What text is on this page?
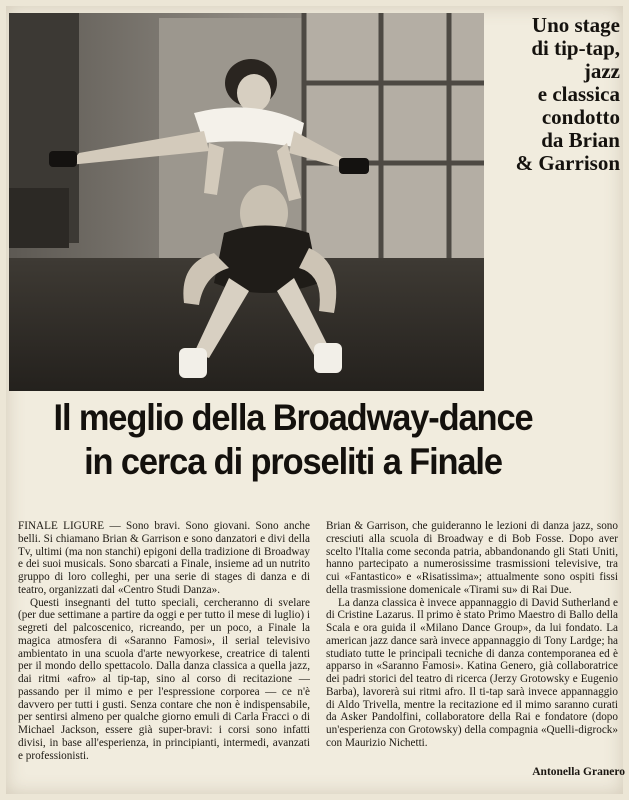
Uno stage
di tip-tap,
jazz
e classica
condotto
da Brian
& Garrison
Il meglio della Broadway-dance
in cerca di proseliti a Finale

FINALE LIGURE — Sono bravi. Sono giovani. Sono anche belli. Si chiamano Brian & Garrison e sono danzatori e divi della Tv, ultimi (ma non stanchi) epigoni della tradizione di Broadway e dei suoi musicals. Sono sbarcati a Finale, insieme ad un nutrito gruppo di loro colleghi, per una serie di stages di danza e di teatro, organizzati dal «Centro Studi Danza».

Questi insegnanti del tutto speciali, cercheranno di svelare (per due settimane a partire da oggi e per tutto il mese di luglio) i segreti del palcoscenico, ricreando, per un poco, a Finale la magica atmosfera di «Saranno Famosi», il serial televisivo ambientato in una scuola d'arte newyorkese, creatrice di talenti per il mondo dello spettacolo. Dalla danza classica a quella jazz, dai ritmi «afro» al tip-tap, sino al corso di recitazione — passando per il mimo e per l'espressione corporea — ce n'è davvero per tutti i gusti. Senza contare che non è indispensabile, per sentirsi almeno per qualche giorno emuli di Carla Fracci o di Michael Jackson, essere già super-bravi: i corsi sono infatti divisi, in base all'esperienza, in principianti, intermedi, avanzati e professionisti.

Brian & Garrison, che guideranno le lezioni di danza jazz, sono cresciuti alla scuola di Broadway e di Bob Fosse. Dopo aver scelto l'Italia come seconda patria, abbandonando gli Stati Uniti, hanno partecipato a numerosissime trasmissioni televisive, tra cui «Fantastico» e «Risatissima»; attualmente sono ospiti fissi della trasmissione domenicale «Tirami su» di Rai Due.

La danza classica è invece appannaggio di David Sutherland e di Cristine Lazarus. Il primo è stato Primo Maestro di Ballo della Scala e ora guida il «Milano Dance Group», da lui fondato. La american jazz dance sarà invece appannaggio di Tony Lardge; ha studiato tutte le principali tecniche di danza contemporanea ed è apparso in «Saranno Famosi». Katina Genero, già collaboratrice dei padri storici del teatro di ricerca (Jerzy Grotowsky e Eugenio Barba), lavorerà sui ritmi afro. Il ti-tap sarà invece appannaggio di Aldo Trivella, mentre la recitazione ed il mimo saranno curati da Asker Pandolfini, collaboratore della Rai e fondatore (dopo un'esperienza con Grotowsky) della compagnia «Quelli-digrock» con Maurizio Nichetti.

Antonella Granero
